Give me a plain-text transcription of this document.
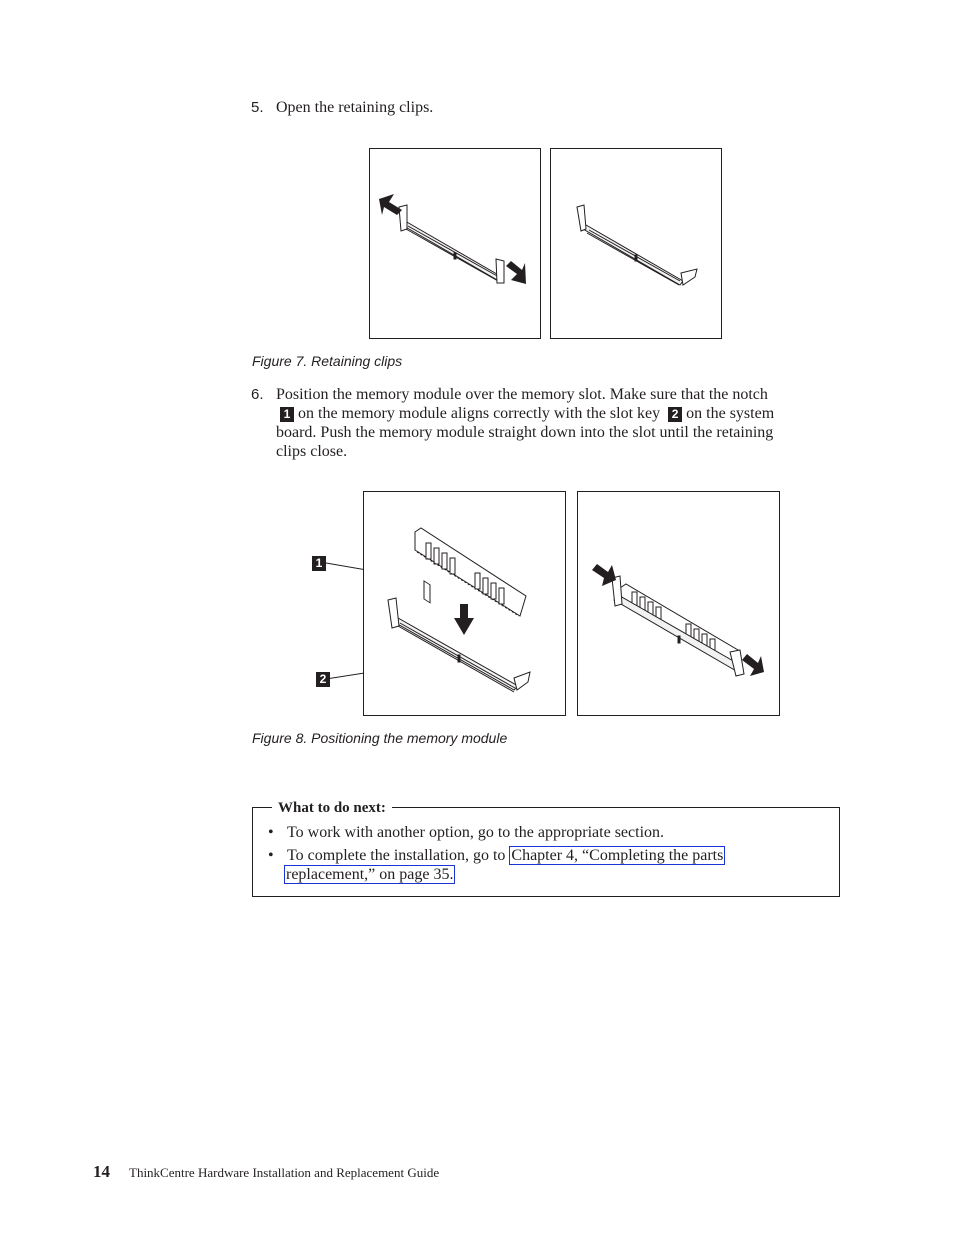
5. Open the retaining clips.
Figure 7. Retaining clips
6. Position the memory module over the memory slot. Make sure that the notch
1 on the memory module aligns correctly with the slot key 2 on the system
board. Push the memory module straight down into the slot until the retaining
clips close.
1
2
Figure 8. Positioning the memory module
What to do next:
• To work with another option, go to the appropriate section.
• To complete the installation, go to Chapter 4, “Completing the parts
replacement,” on page 35.
14 ThinkCentre Hardware Installation and Replacement Guide
